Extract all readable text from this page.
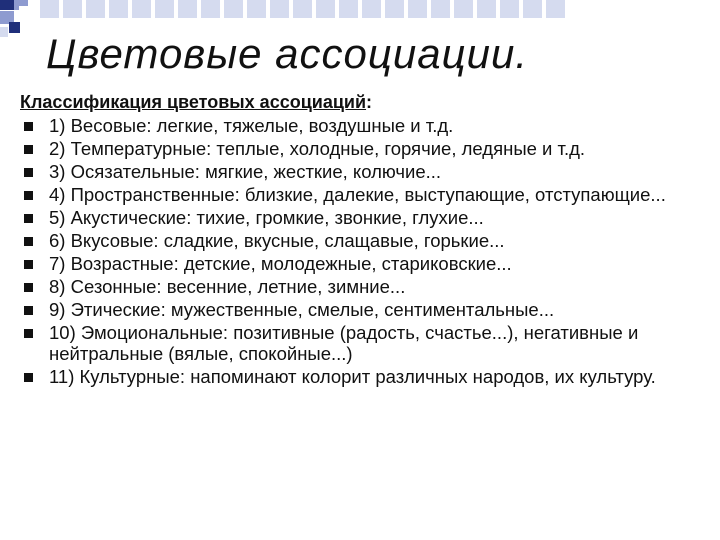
Цветовые ассоциации.
Классификация цветовых ассоциаций:
1) Весовые: легкие, тяжелые, воздушные и т.д.
2) Температурные: теплые, холодные, горячие, ледяные и т.д.
3) Осязательные: мягкие, жесткие, колючие...
4) Пространственные: близкие, далекие, выступающие, отступающие...
5) Акустические: тихие, громкие, звонкие, глухие...
6) Вкусовые: сладкие, вкусные, слащавые, горькие...
7) Возрастные: детские, молодежные, стариковские...
8) Сезонные: весенние, летние, зимние...
9) Этические: мужественные, смелые, сентиментальные...
10) Эмоциональные: позитивные (радость, счастье...), негативные и нейтральные (вялые, спокойные...)
11) Культурные: напоминают колорит различных народов, их культуру.
